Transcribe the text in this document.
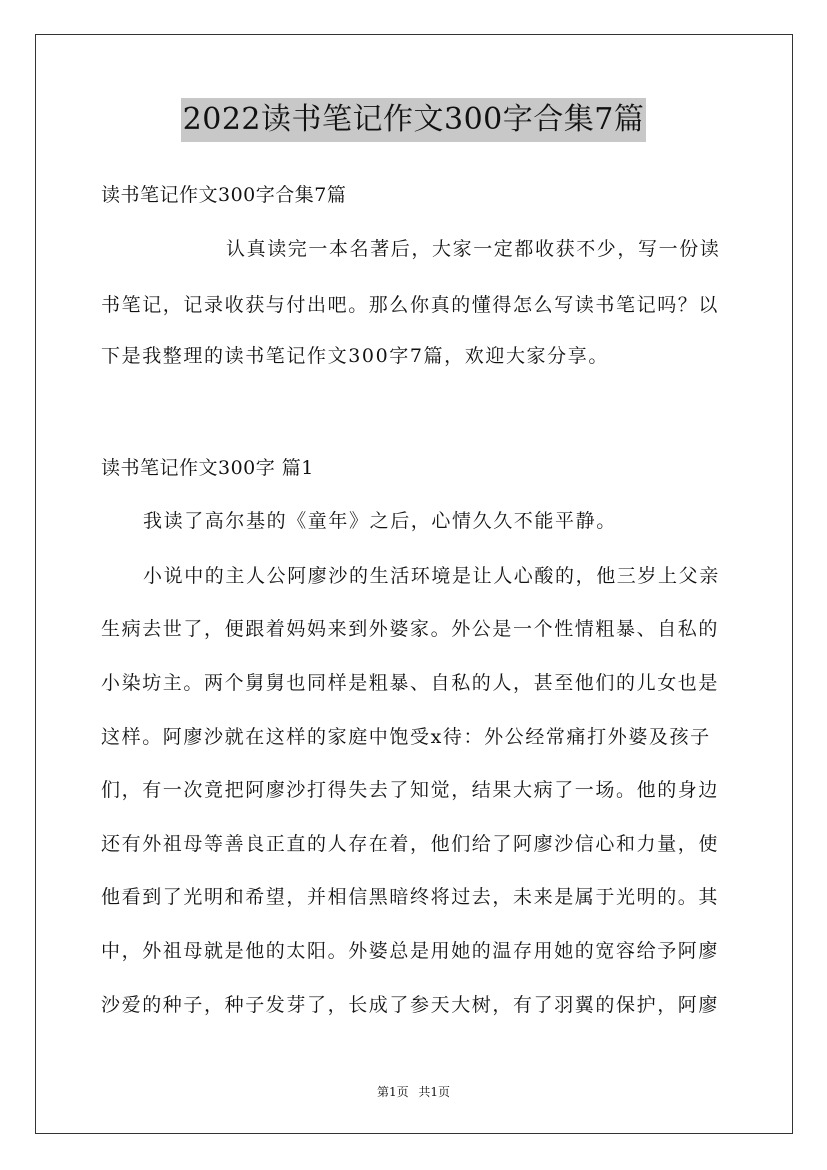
2022读书笔记作文300字合集7篇
读书笔记作文300字合集7篇
认真读完一本名著后，大家一定都收获不少，写一份读
书笔记，记录收获与付出吧。那么你真的懂得怎么写读书笔记吗？以
下是我整理的读书笔记作文300字7篇，欢迎大家分享。
读书笔记作文300字 篇1
我读了高尔基的《童年》之后，心情久久不能平静。
小说中的主人公阿廖沙的生活环境是让人心酸的，他三岁上父亲
生病去世了，便跟着妈妈来到外婆家。外公是一个性情粗暴、自私的
小染坊主。两个舅舅也同样是粗暴、自私的人，甚至他们的儿女也是
这样。阿廖沙就在这样的家庭中饱受x待：外公经常痛打外婆及孩子
们，有一次竟把阿廖沙打得失去了知觉，结果大病了一场。他的身边
还有外祖母等善良正直的人存在着，他们给了阿廖沙信心和力量，使
他看到了光明和希望，并相信黑暗终将过去，未来是属于光明的。其
中，外祖母就是他的太阳。外婆总是用她的温存用她的宽容给予阿廖
沙爱的种子，种子发芽了，长成了参天大树，有了羽翼的保护，阿廖
第1页 共1页
